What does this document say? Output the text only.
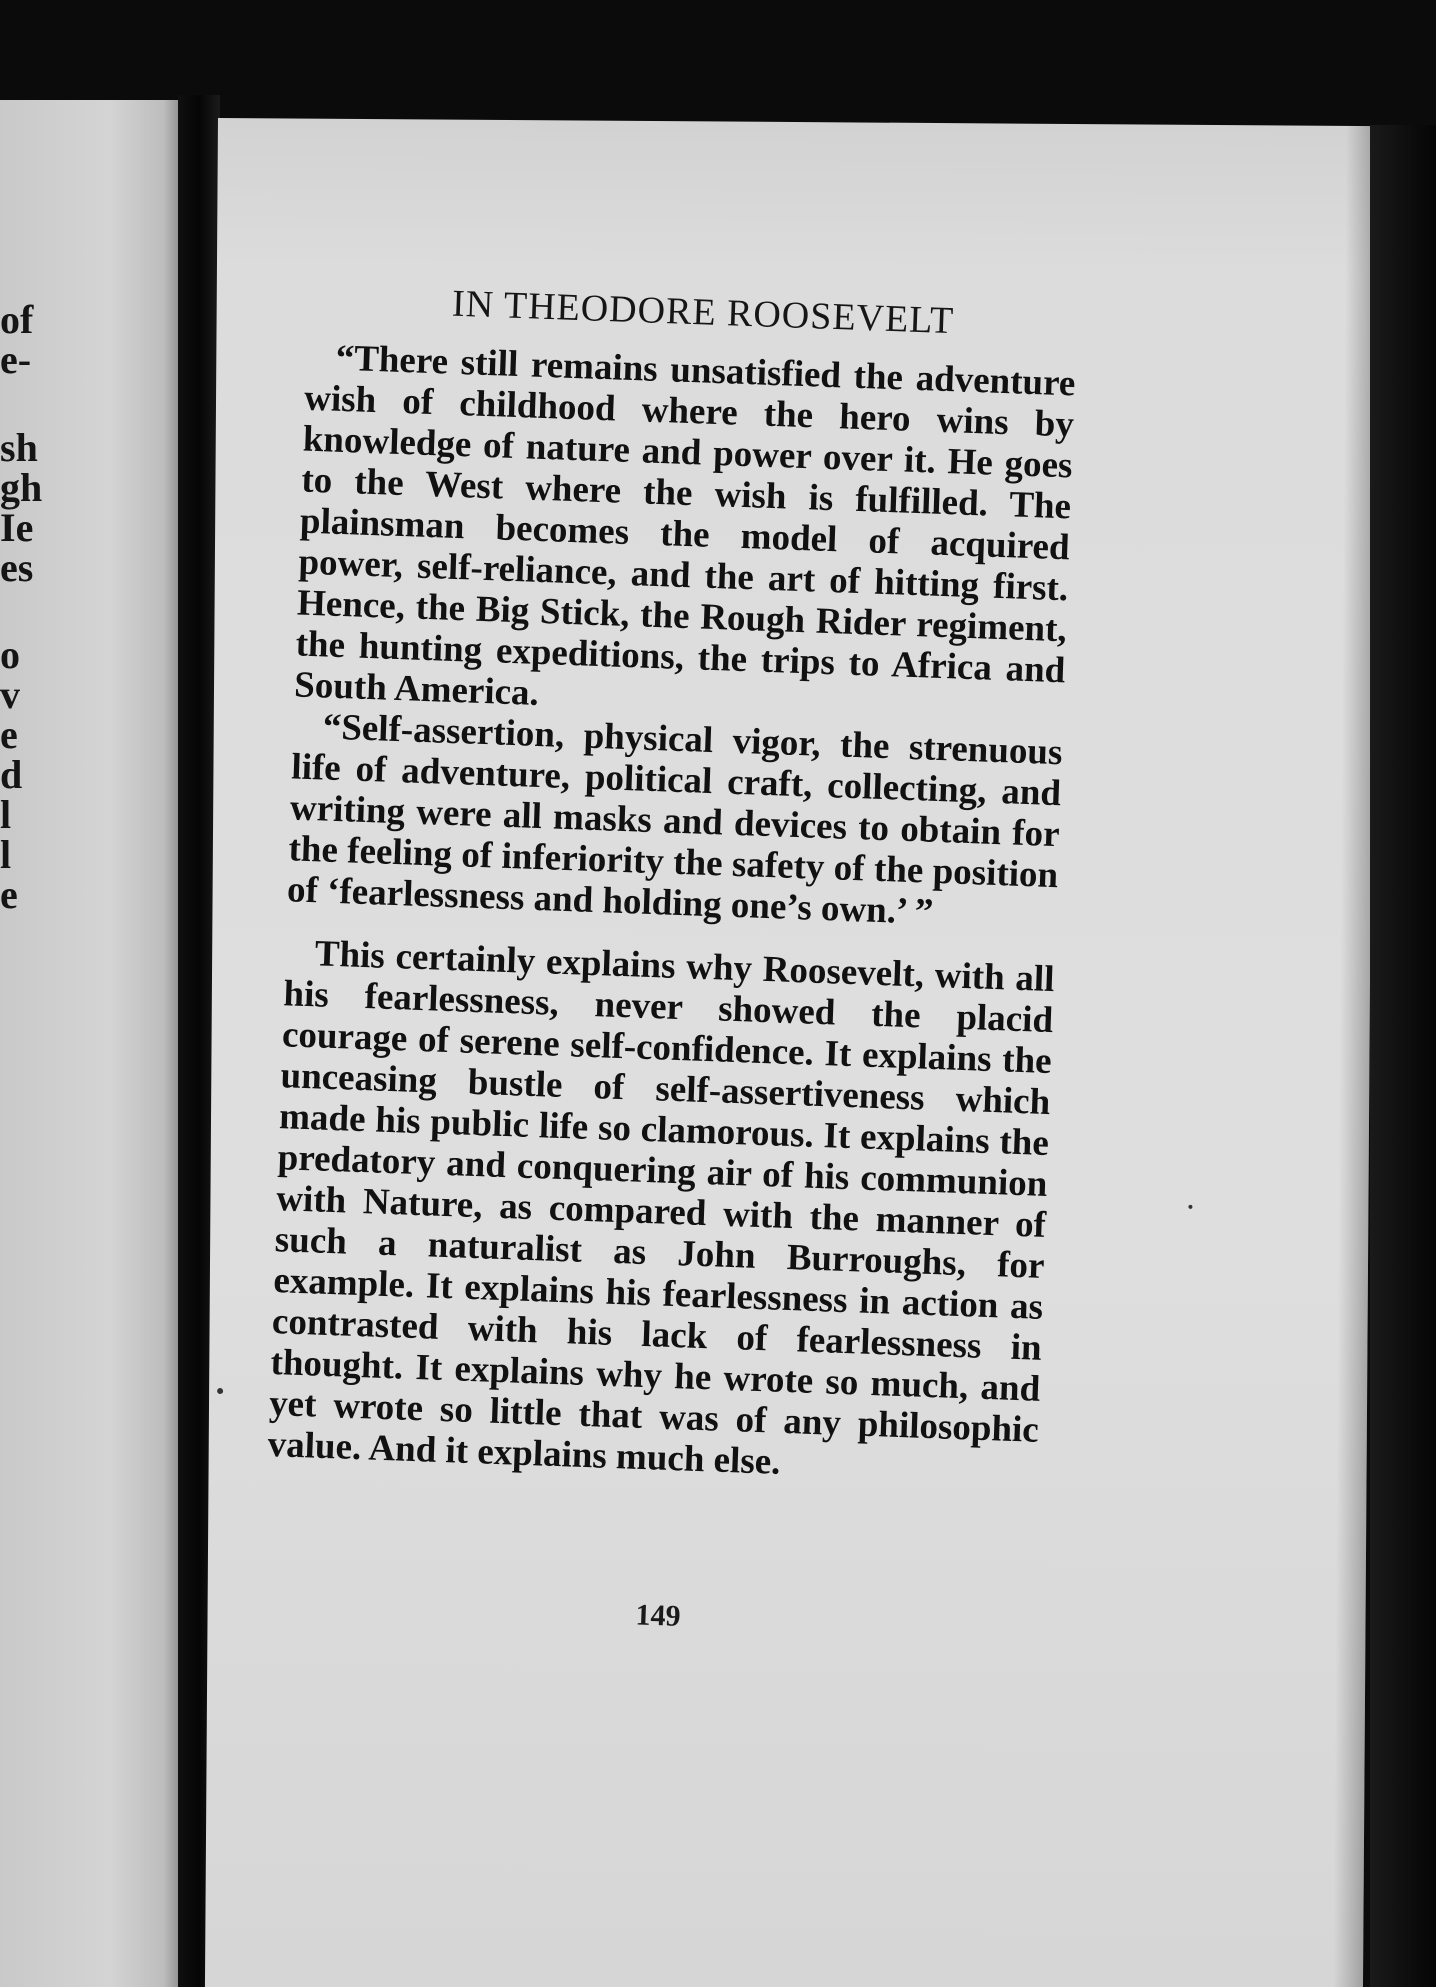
of
e-
sh
gh
Ie
es
o
v
e
d
l
l
e
IN THEODORE ROOSEVELT

“There still remains unsatisfied the adventure wish of childhood where the hero wins by knowledge of nature and power over it. He goes to the West where the wish is fulfilled. The plainsman becomes the model of acquired power, self-reliance, and the art of hitting first. Hence, the Big Stick, the Rough Rider regiment, the hunting expeditions, the trips to Africa and South America.

“Self-assertion, physical vigor, the strenuous life of adventure, political craft, collecting, and writing were all masks and devices to obtain for the feeling of inferiority the safety of the position of ‘fearlessness and holding one’s own.’ ”

This certainly explains why Roosevelt, with all his fearlessness, never showed the placid courage of serene self-confidence. It explains the unceasing bustle of self-assertiveness which made his public life so clamorous. It explains the predatory and conquering air of his communion with Nature, as compared with the manner of such a naturalist as John Burroughs, for example. It explains his fearlessness in action as contrasted with his lack of fearlessness in thought. It explains why he wrote so much, and yet wrote so little that was of any philosophic value. And it explains much else.

149
